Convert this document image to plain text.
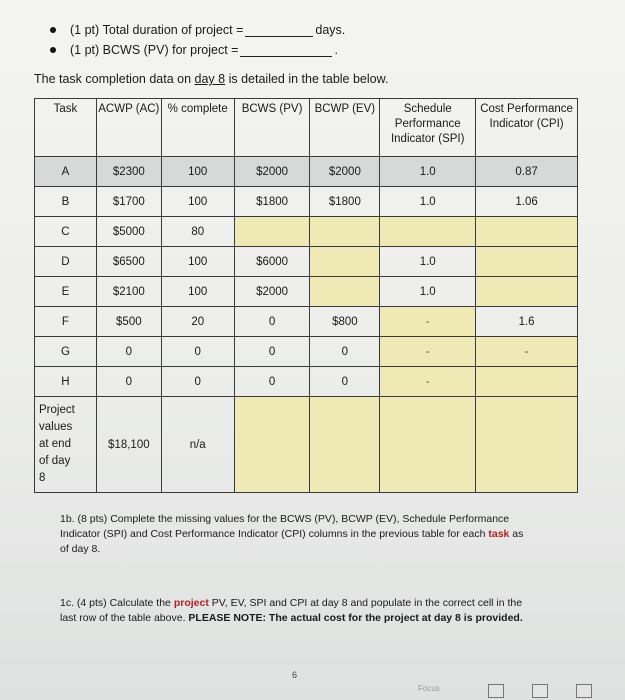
(1 pt)
Total duration of project =	days.
(1 pt)
BCWS (PV) for project =	.
The task completion data on day 8 is detailed in the table below.
Task	ACWP (AC)	% complete	BCWS (PV)	BCWP (EV)	Schedule Performance Indicator (SPI)	Cost Performance Indicator (CPI)
A	$2300	100	$2000	$2000	1.0	0.87
B	$1700	100	$1800	$1800	1.0	1.06
C	$5000	80				
D	$6500	100	$6000		1.0	
E	$2100	100	$2000		1.0	
F	$500	20	0	$800	-	1.6
G	0	0	0	0	-	-
H	0	0	0	0	-	
Project
values
at end
of day
8	$18,100	n/a				
1b. (8 pts) Complete the missing values for the BCWS (PV), BCWP (EV), Schedule Performance Indicator (SPI) and Cost Performance Indicator (CPI) columns in the previous table for each task as of day 8.
1c. (4 pts) Calculate the project PV, EV, SPI and CPI at day 8 and populate in the correct cell in the last row of the table above. PLEASE NOTE: The actual cost for the project at day 8 is provided.
6
Focus
